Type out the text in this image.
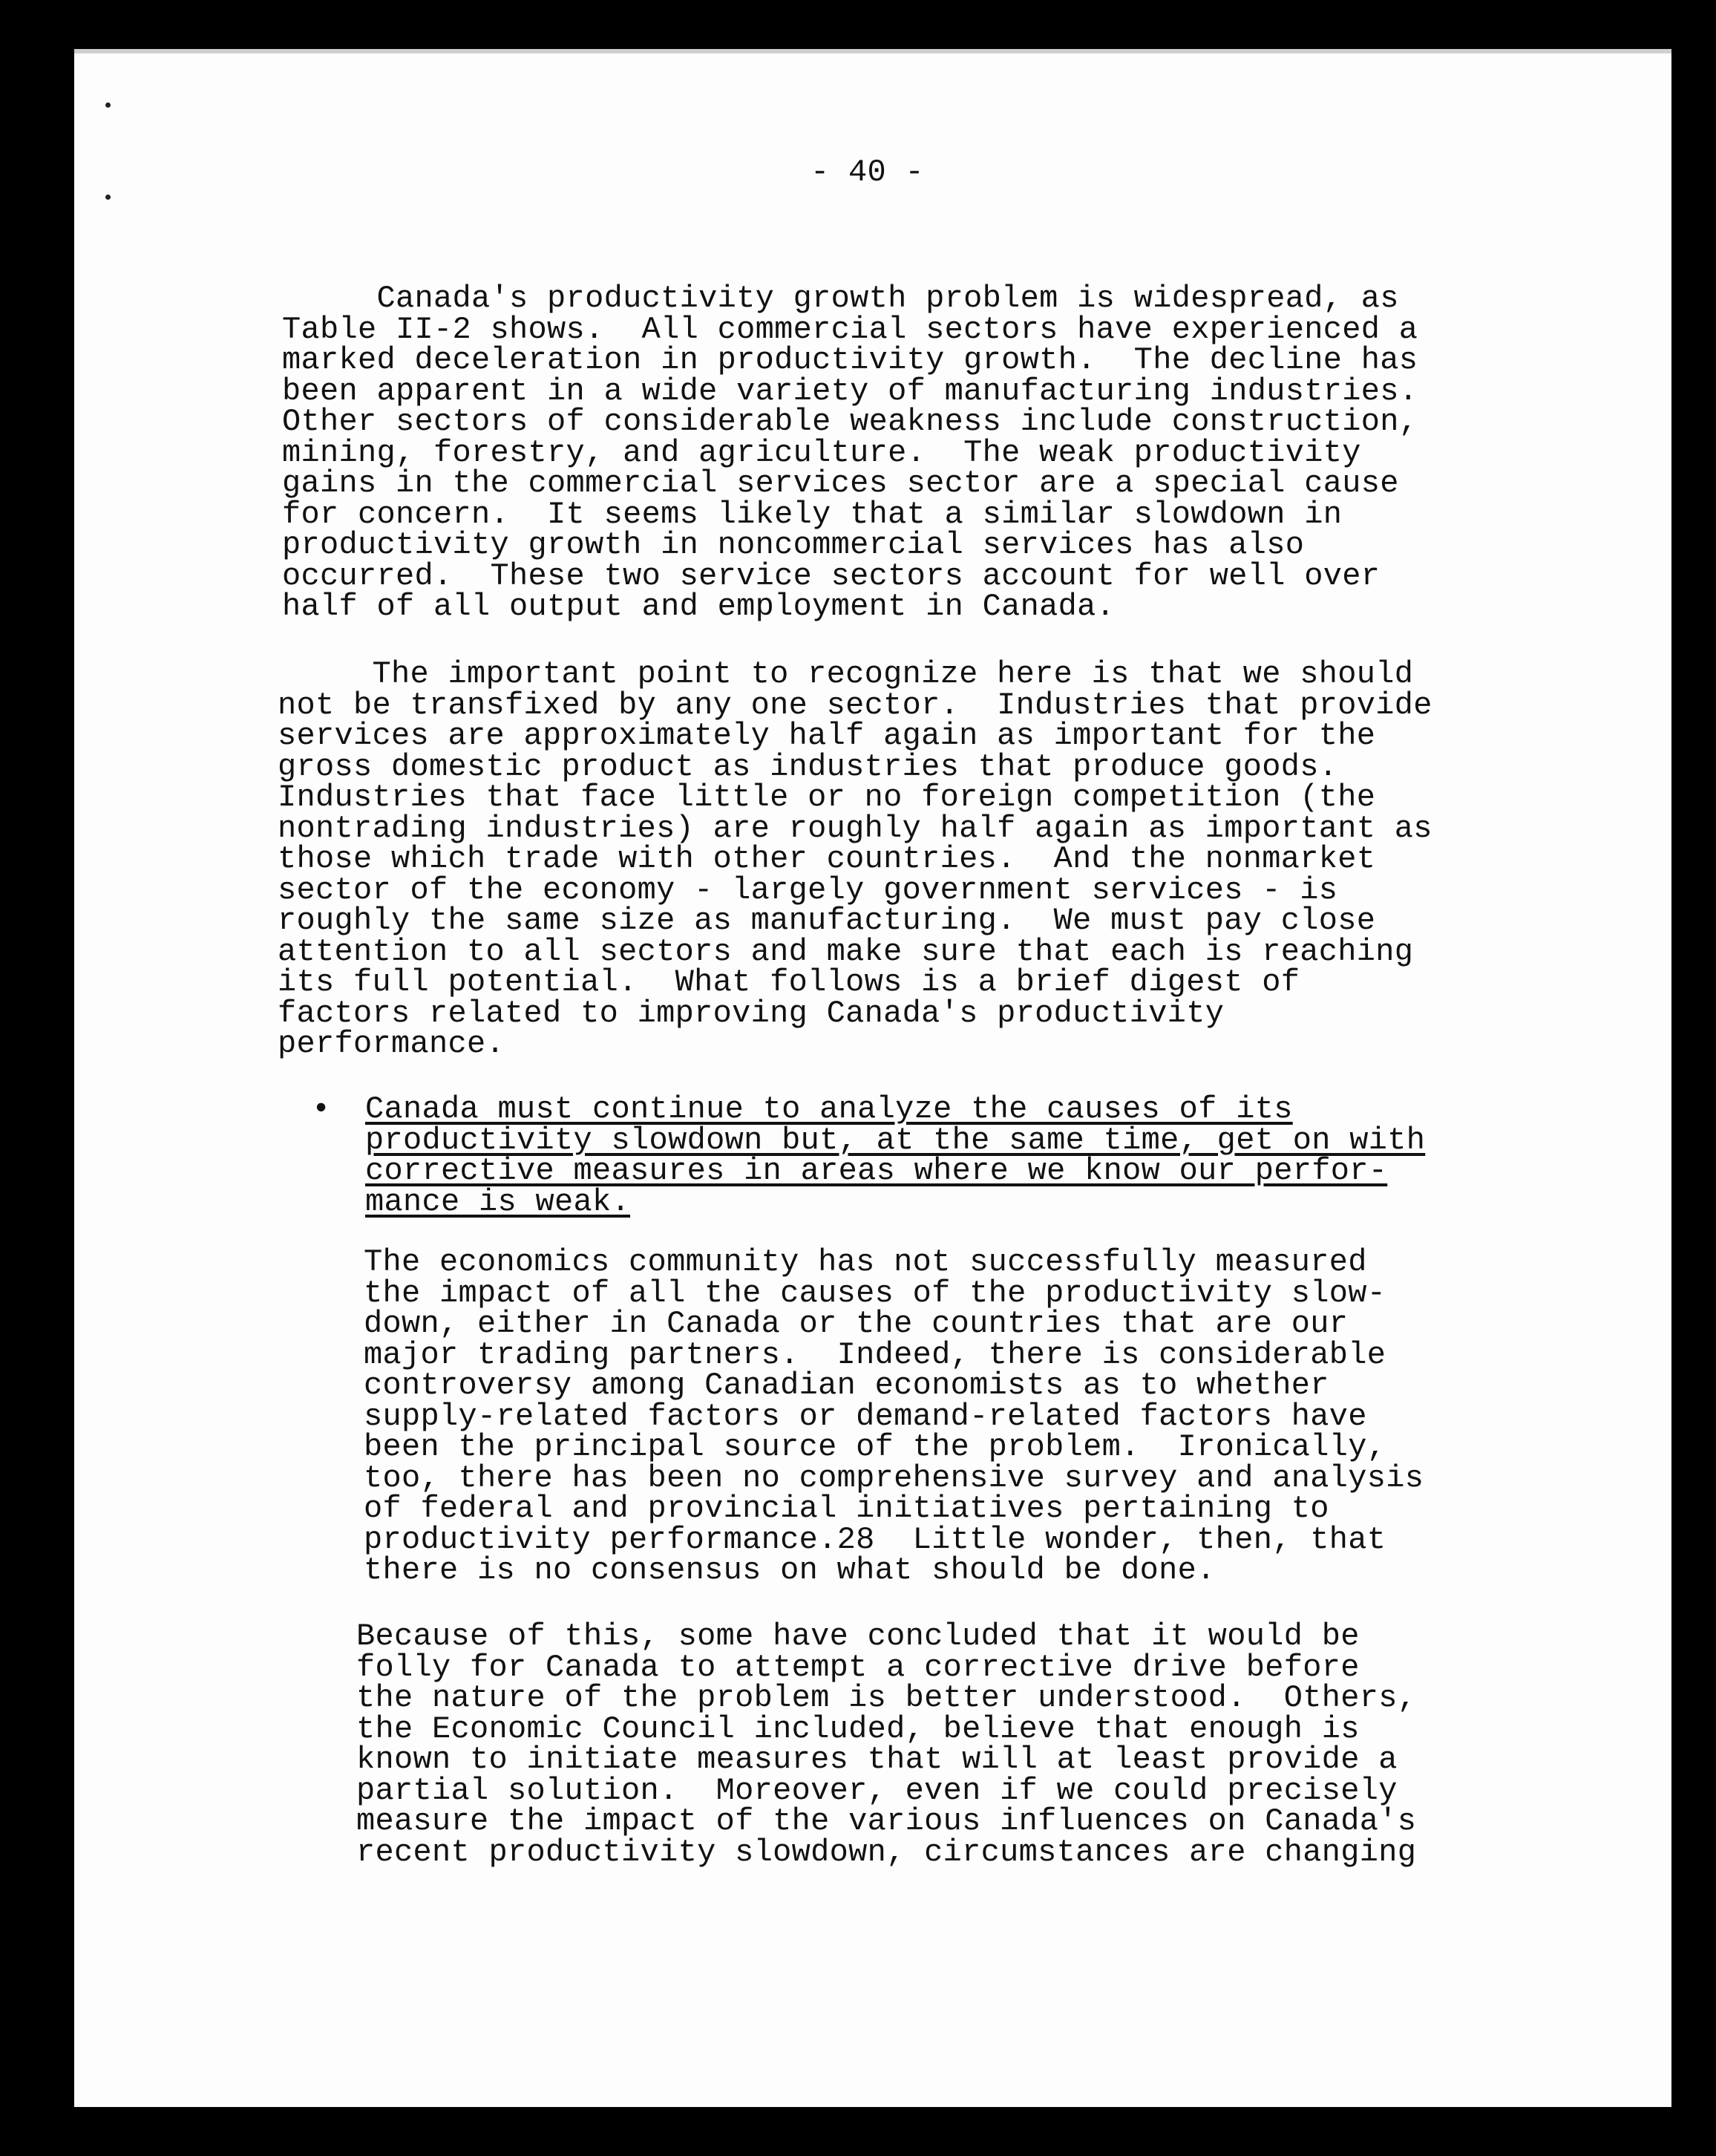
- 40 -
Canada's productivity growth problem is widespread, as
Table II-2 shows.  All commercial sectors have experienced a
marked deceleration in productivity growth.  The decline has
been apparent in a wide variety of manufacturing industries.
Other sectors of considerable weakness include construction,
mining, forestry, and agriculture.  The weak productivity
gains in the commercial services sector are a special cause
for concern.  It seems likely that a similar slowdown in
productivity growth in noncommercial services has also
occurred.  These two service sectors account for well over
half of all output and employment in Canada.
The important point to recognize here is that we should
not be transfixed by any one sector.  Industries that provide
services are approximately half again as important for the
gross domestic product as industries that produce goods.
Industries that face little or no foreign competition (the
nontrading industries) are roughly half again as important as
those which trade with other countries.  And the nonmarket
sector of the economy - largely government services - is
roughly the same size as manufacturing.  We must pay close
attention to all sectors and make sure that each is reaching
its full potential.  What follows is a brief digest of
factors related to improving Canada's productivity
performance.
• Canada must continue to analyze the causes of its
productivity slowdown but, at the same time, get on with
corrective measures in areas where we know our perfor-
mance is weak.
The economics community has not successfully measured
the impact of all the causes of the productivity slow-
down, either in Canada or the countries that are our
major trading partners.  Indeed, there is considerable
controversy among Canadian economists as to whether
supply-related factors or demand-related factors have
been the principal source of the problem.  Ironically,
too, there has been no comprehensive survey and analysis
of federal and provincial initiatives pertaining to
productivity performance.28  Little wonder, then, that
there is no consensus on what should be done.
Because of this, some have concluded that it would be
folly for Canada to attempt a corrective drive before
the nature of the problem is better understood.  Others,
the Economic Council included, believe that enough is
known to initiate measures that will at least provide a
partial solution.  Moreover, even if we could precisely
measure the impact of the various influences on Canada's
recent productivity slowdown, circumstances are changing
